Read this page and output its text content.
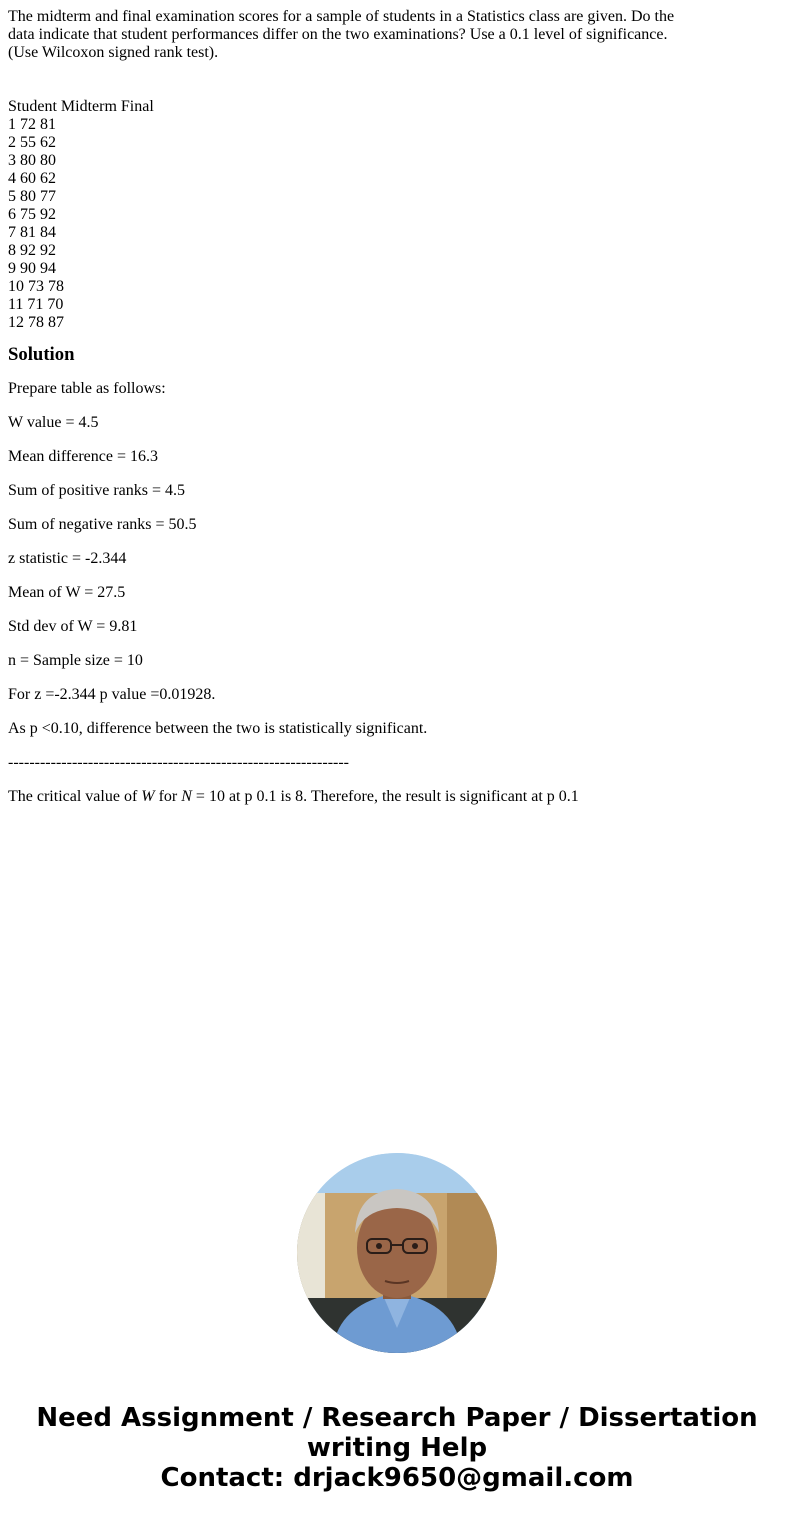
The midterm and final examination scores for a sample of students in a Statistics class are given. Do the
data indicate that student performances differ on the two examinations? Use a 0.1 level of significance.
(Use Wilcoxon signed rank test).
Student Midterm Final
1 72 81
2 55 62
3 80 80
4 60 62
5 80 77
6 75 92
7 81 84
8 92 92
9 90 94
10 73 78
11 71 70
12 78 87
Solution

Prepare table as follows:

W value = 4.5

Mean difference = 16.3

Sum of positive ranks = 4.5

Sum of negative ranks = 50.5

z statistic = -2.344

Mean of W = 27.5

Std dev of W = 9.81

n = Sample size = 10

For z =-2.344 p value =0.01928.

As p <0.10, difference between the two is statistically significant.

----------------------------------------------------------------

The critical value of W for N = 10 at p 0.1 is 8. Therefore, the result is significant at p 0.1

Need Assignment / Research Paper / Dissertation
writing Help
Contact: drjack9650@gmail.com
